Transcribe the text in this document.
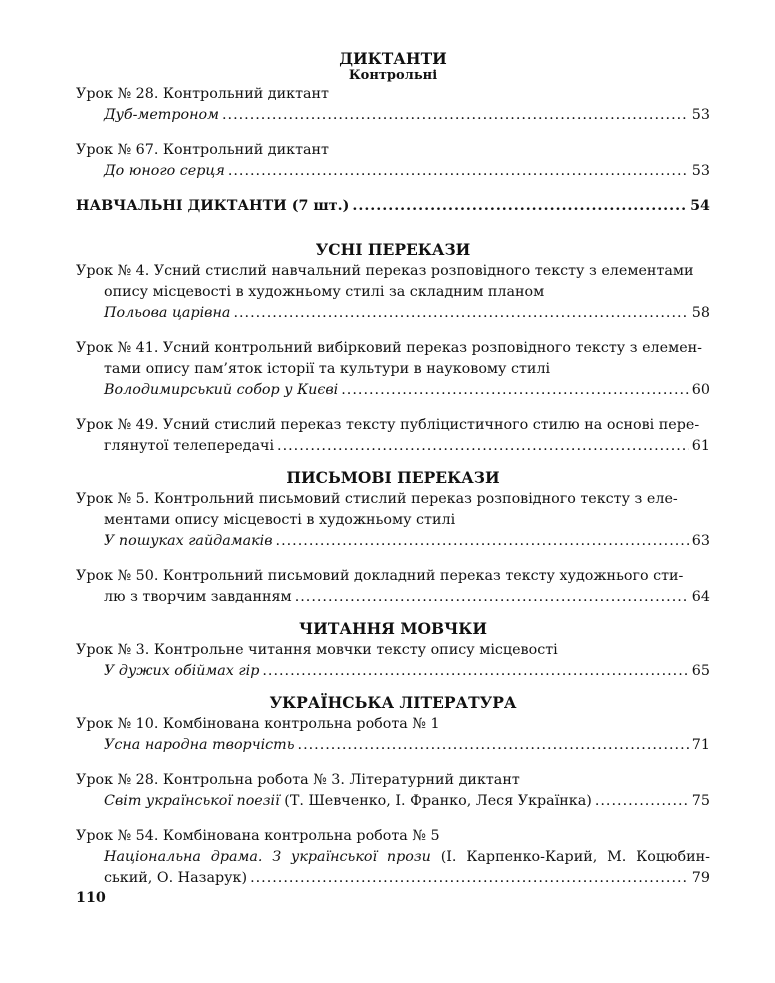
ДИКТАНТИ
Контрольні
Урок № 28. Контрольний диктант
Дуб-метроном .....	53
Урок № 67. Контрольний диктант
До юного серця .....	53
НАВЧАЛЬНІ ДИКТАНТИ (7 шт.) .....	54
УСНІ ПЕРЕКАЗИ
Урок № 4. Усний стислий навчальний переказ розповідного тексту з елементами
опису місцевості в художньому стилі за складним планом
Польова царівна .....	58
Урок № 41. Усний контрольний вибірковий переказ розповідного тексту з елемен-
тами опису пам’яток історії та культури в науковому стилі
Володимирський собор у Києві .....	60
Урок № 49. Усний стислий переказ тексту публіцистичного стилю на основі пере-
глянутої телепередачі .....	61
ПИСЬМОВІ ПЕРЕКАЗИ
Урок № 5. Контрольний письмовий стислий переказ розповідного тексту з еле-
ментами опису місцевості в художньому стилі
У пошуках гайдамаків .....	63
Урок № 50. Контрольний письмовий докладний переказ тексту художнього сти-
лю з творчим завданням .....	64
ЧИТАННЯ МОВЧКИ
Урок № 3. Контрольне читання мовчки тексту опису місцевості
У дужих обіймах гір .....	65
УКРАЇНСЬКА ЛІТЕРАТУРА
Урок № 10. Комбінована контрольна робота № 1
Усна народна творчість .....	71
Урок № 28. Контрольна робота № 3. Літературний диктант
Світ української поезії (Т. Шевченко, І. Франко, Леся Українка) .....	75
Урок № 54. Комбінована контрольна робота № 5
Національна драма. З української прози (І. Карпенко-Карий, М. Коцюбин-
ський, О. Назарук) .....	79
110
